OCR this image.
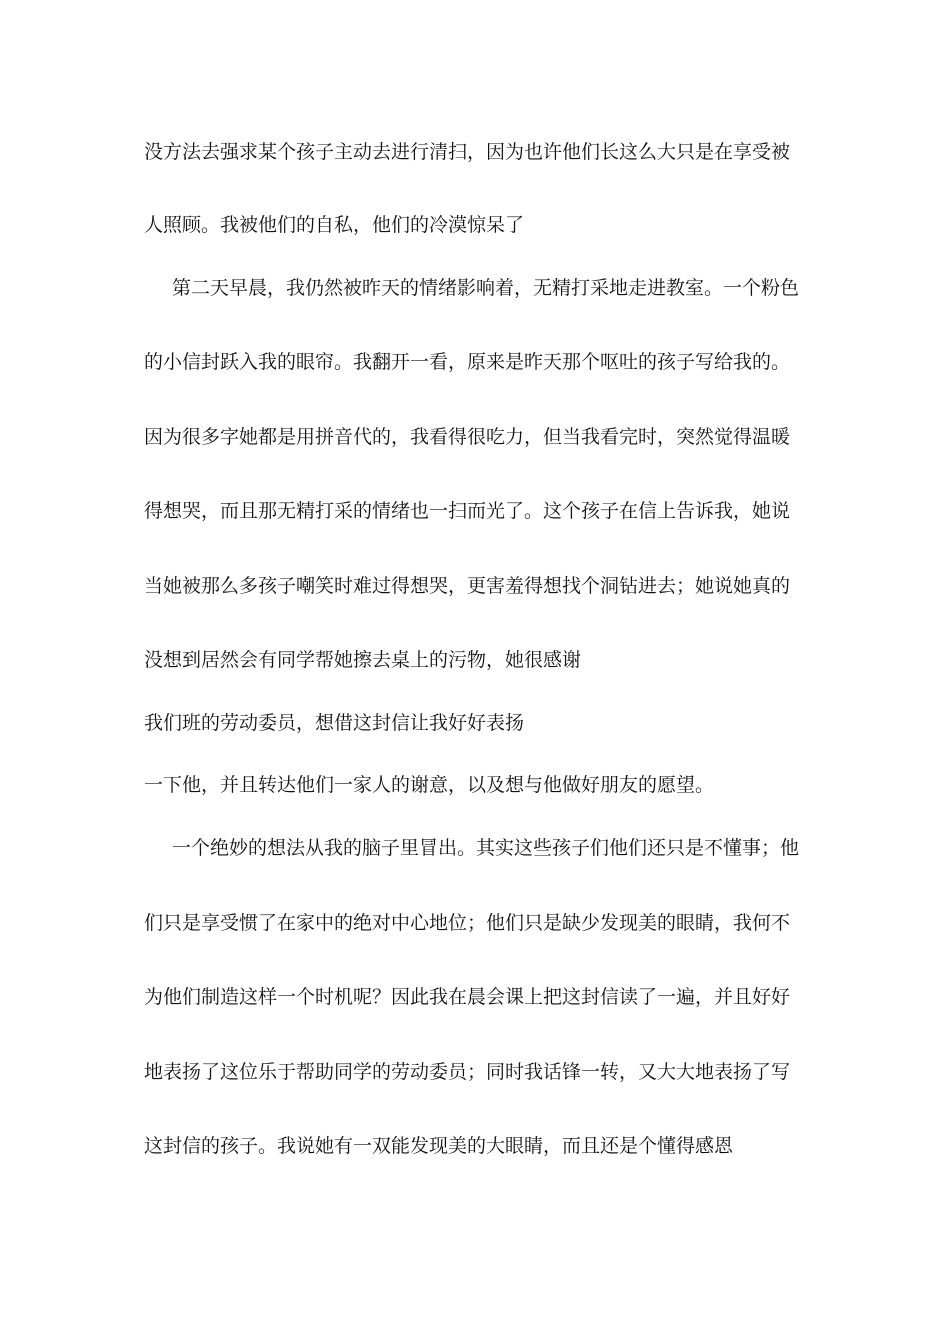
没方法去强求某个孩子主动去进行清扫，因为也许他们长这么大只是在享受被
人照顾。我被他们的自私，他们的冷漠惊呆了
第二天早晨，我仍然被昨天的情绪影响着，无精打采地走进教室。一个粉色
的小信封跃入我的眼帘。我翻开一看，原来是昨天那个呕吐的孩子写给我的。
因为很多字她都是用拼音代的，我看得很吃力，但当我看完时，突然觉得温暖
得想哭，而且那无精打采的情绪也一扫而光了。这个孩子在信上告诉我，她说
当她被那么多孩子嘲笑时难过得想哭，更害羞得想找个洞钻进去；她说她真的
没想到居然会有同学帮她擦去桌上的污物，她很感谢
我们班的劳动委员，想借这封信让我好好表扬
一下他，并且转达他们一家人的谢意，以及想与他做好朋友的愿望。
一个绝妙的想法从我的脑子里冒出。其实这些孩子们他们还只是不懂事；他
们只是享受惯了在家中的绝对中心地位；他们只是缺少发现美的眼睛，我何不
为他们制造这样一个时机呢？因此我在晨会课上把这封信读了一遍，并且好好
地表扬了这位乐于帮助同学的劳动委员；同时我话锋一转，又大大地表扬了写
这封信的孩子。我说她有一双能发现美的大眼睛，而且还是个懂得感恩
